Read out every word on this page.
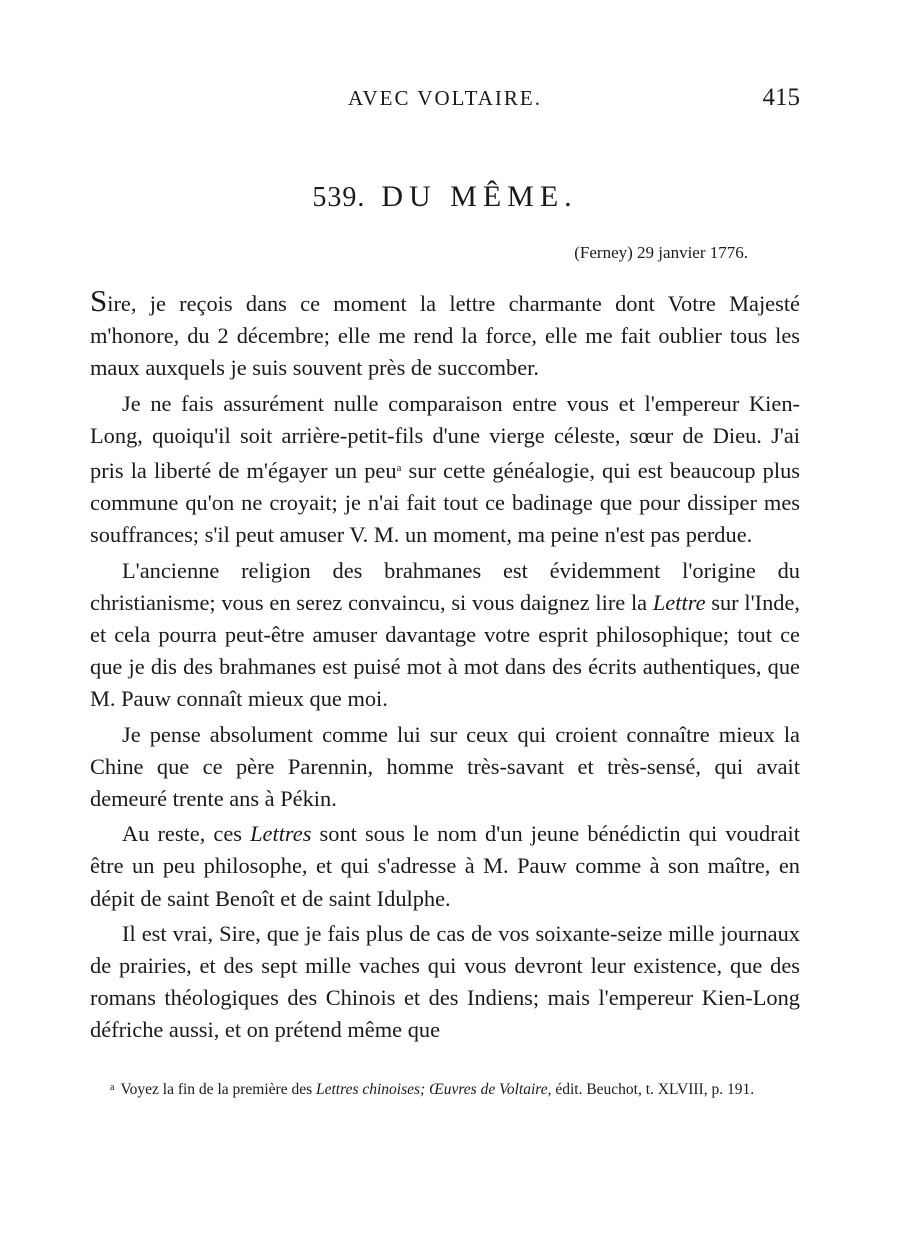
AVEC VOLTAIRE.	415
539. DU MÊME.
(Ferney) 29 janvier 1776.

Sire, je reçois dans ce moment la lettre charmante dont Votre Majesté m'honore, du 2 décembre; elle me rend la force, elle me fait oublier tous les maux auxquels je suis souvent près de succomber.

Je ne fais assurément nulle comparaison entre vous et l'empereur Kien-Long, quoiqu'il soit arrière-petit-fils d'une vierge céleste, sœur de Dieu. J'ai pris la liberté de m'égayer un peu$^a$ sur cette généalogie, qui est beaucoup plus commune qu'on ne croyait; je n'ai fait tout ce badinage que pour dissiper mes souffrances; s'il peut amuser V. M. un moment, ma peine n'est pas perdue.

L'ancienne religion des brahmanes est évidemment l'origine du christianisme; vous en serez convaincu, si vous daignez lire la Lettre sur l'Inde, et cela pourra peut-être amuser davantage votre esprit philosophique; tout ce que je dis des brahmanes est puisé mot à mot dans des écrits authentiques, que M. Pauw connaît mieux que moi.

Je pense absolument comme lui sur ceux qui croient connaître mieux la Chine que ce père Parennin, homme très-savant et très-sensé, qui avait demeuré trente ans à Pékin.

Au reste, ces Lettres sont sous le nom d'un jeune bénédictin qui voudrait être un peu philosophe, et qui s'adresse à M. Pauw comme à son maître, en dépit de saint Benoît et de saint Idulphe.

Il est vrai, Sire, que je fais plus de cas de vos soixante-seize mille journaux de prairies, et des sept mille vaches qui vous devront leur existence, que des romans théologiques des Chinois et des Indiens; mais l'empereur Kien-Long défriche aussi, et on prétend même que

$^a$ Voyez la fin de la première des Lettres chinoises; Œuvres de Voltaire, édit. Beuchot, t. XLVIII, p. 191.
